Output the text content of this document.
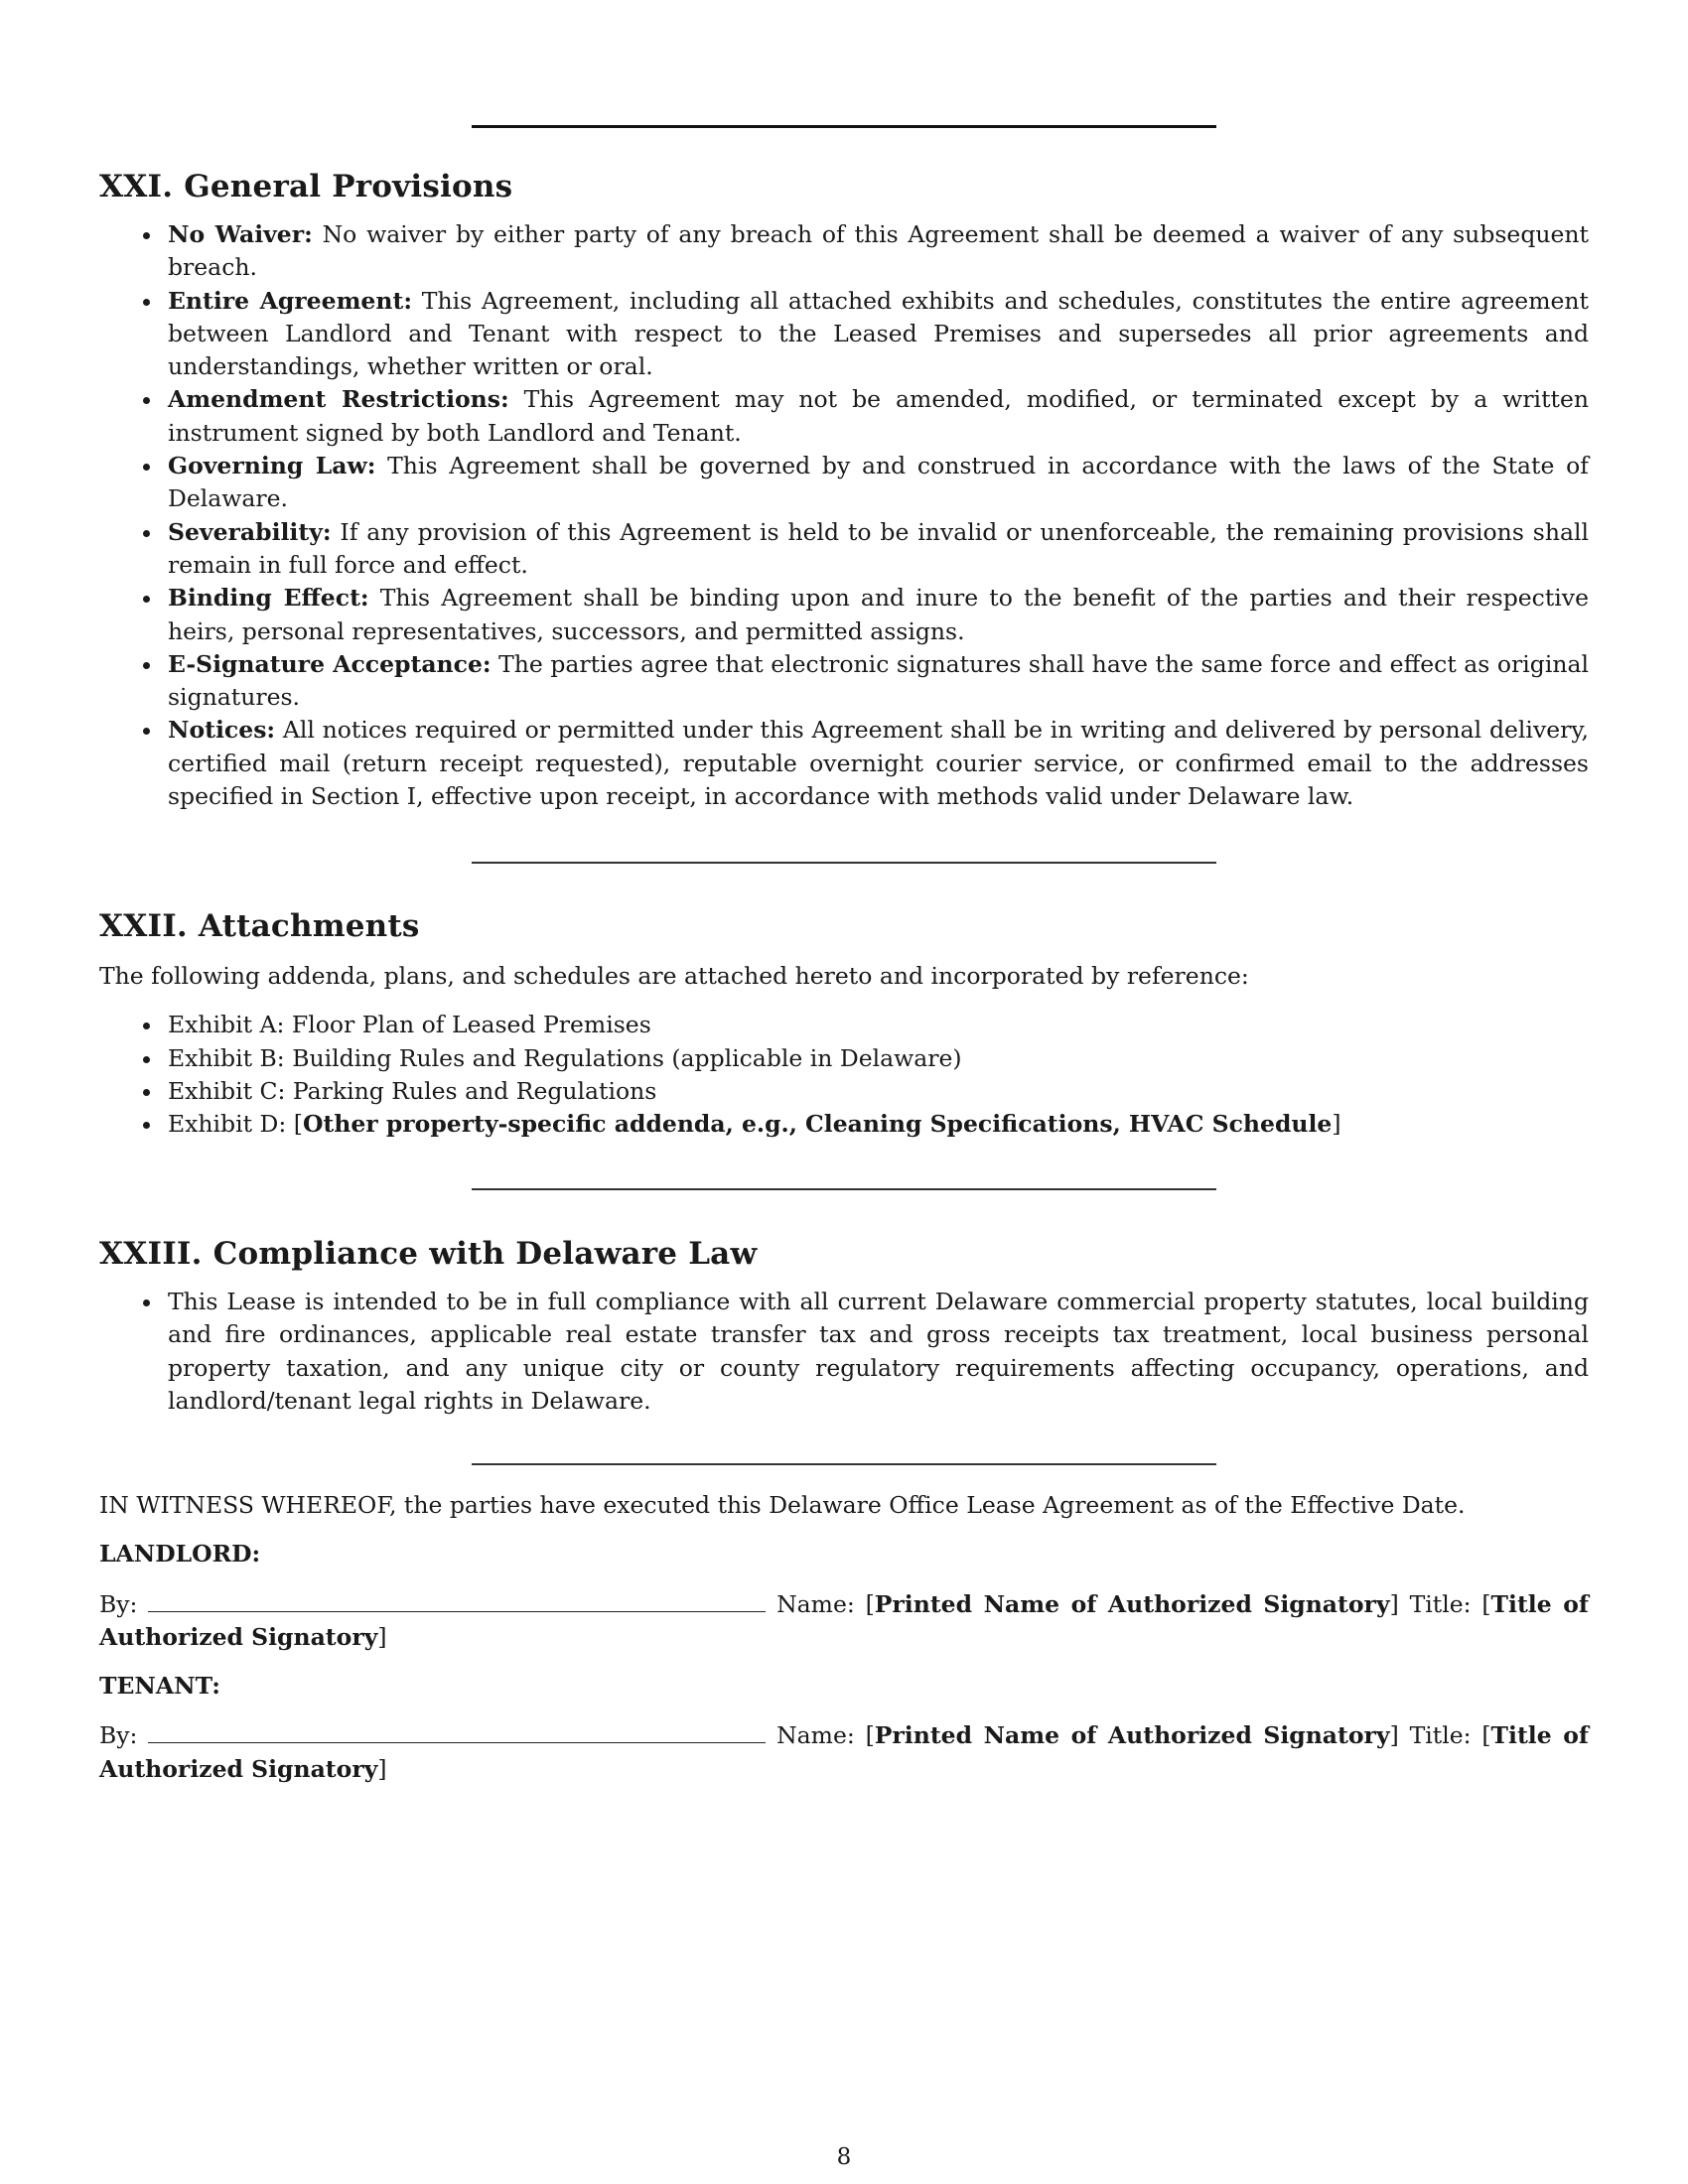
XXI. General Provisions
No Waiver: No waiver by either party of any breach of this Agreement shall be deemed a waiver of any subsequent breach.
Entire Agreement: This Agreement, including all attached exhibits and schedules, constitutes the entire agreement between Landlord and Tenant with respect to the Leased Premises and supersedes all prior agreements and understandings, whether written or oral.
Amendment Restrictions: This Agreement may not be amended, modified, or terminated except by a written instrument signed by both Landlord and Tenant.
Governing Law: This Agreement shall be governed by and construed in accordance with the laws of the State of Delaware.
Severability: If any provision of this Agreement is held to be invalid or unenforceable, the remaining provisions shall remain in full force and effect.
Binding Effect: This Agreement shall be binding upon and inure to the benefit of the parties and their respective heirs, personal representatives, successors, and permitted assigns.
E-Signature Acceptance: The parties agree that electronic signatures shall have the same force and effect as original signatures.
Notices: All notices required or permitted under this Agreement shall be in writing and delivered by personal delivery, certified mail (return receipt requested), reputable overnight courier service, or confirmed email to the addresses specified in Section I, effective upon receipt, in accordance with methods valid under Delaware law.
XXII. Attachments

The following addenda, plans, and schedules are attached hereto and incorporated by reference:

Exhibit A: Floor Plan of Leased Premises
Exhibit B: Building Rules and Regulations (applicable in Delaware)
Exhibit C: Parking Rules and Regulations
Exhibit D: [Other property-specific addenda, e.g., Cleaning Specifications, HVAC Schedule]
XXIII. Compliance with Delaware Law
This Lease is intended to be in full compliance with all current Delaware commercial property statutes, local building and fire ordinances, applicable real estate transfer tax and gross receipts tax treatment, local business personal property taxation, and any unique city or county regulatory requirements affecting occupancy, operations, and landlord/tenant legal rights in Delaware.

IN WITNESS WHEREOF, the parties have executed this Delaware Office Lease Agreement as of the Effective Date.

LANDLORD:

By:	Name: [Printed Name of Authorized Signatory] Title: [Title of Authorized Signatory]

TENANT:

By:	Name: [Printed Name of Authorized Signatory] Title: [Title of Authorized Signatory]

8
